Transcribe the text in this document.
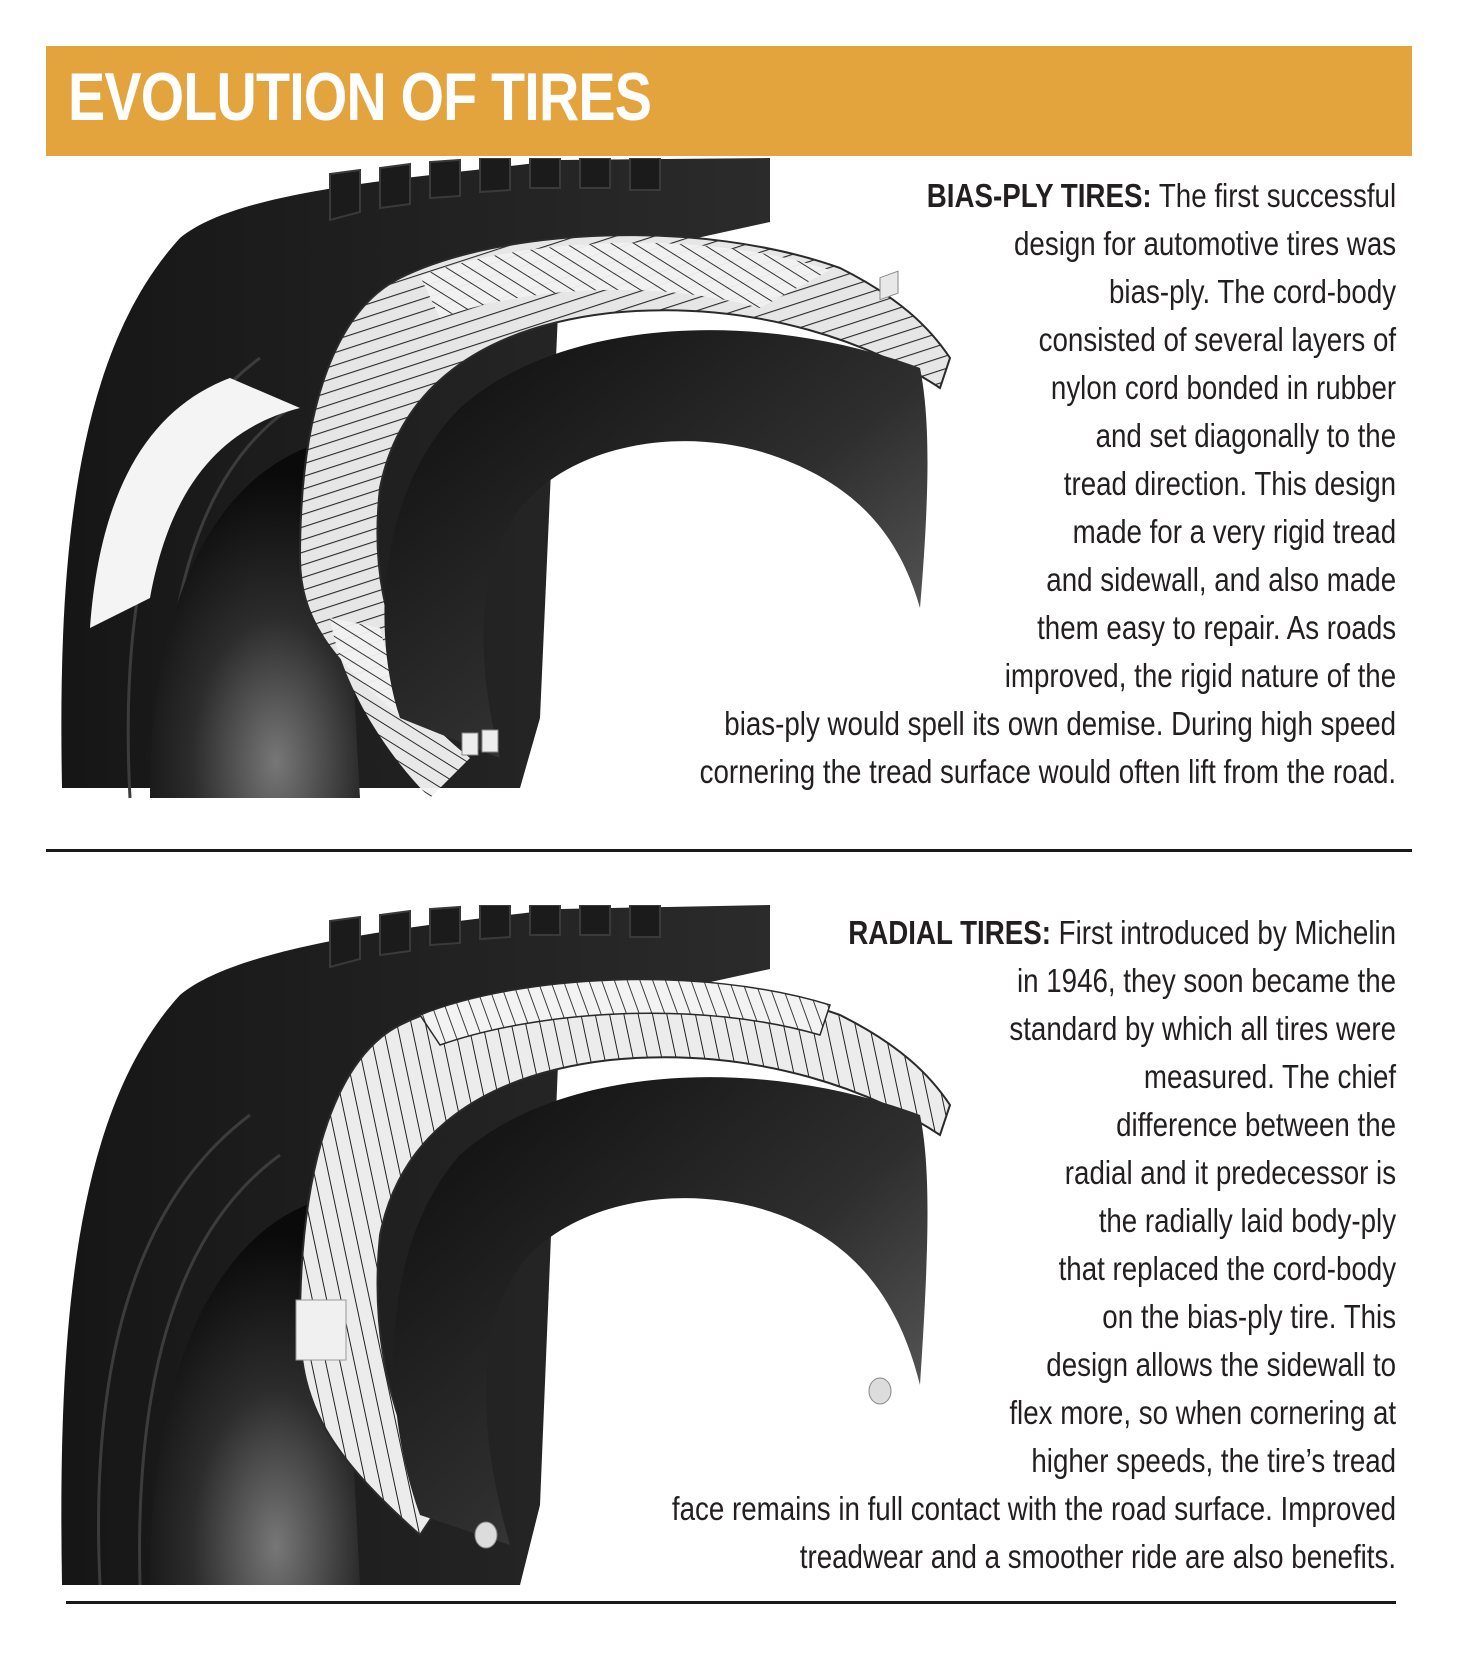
EVOLUTION OF TIRES
BIAS-PLY TIRES: The first successful
design for automotive tires was
bias-ply. The cord-body
consisted of several layers of
nylon cord bonded in rubber
and set diagonally to the
tread direction. This design
made for a very rigid tread
and sidewall, and also made
them easy to repair. As roads
improved, the rigid nature of the
bias-ply would spell its own demise. During high speed
cornering the tread surface would often lift from the road.
RADIAL TIRES: First introduced by Michelin
in 1946, they soon became the
standard by which all tires were
measured. The chief
difference between the
radial and it predecessor is
the radially laid body-ply
that replaced the cord-body
on the bias-ply tire. This
design allows the sidewall to
flex more, so when cornering at
higher speeds, the tire’s tread
face remains in full contact with the road surface. Improved
treadwear and a smoother ride are also benefits.
